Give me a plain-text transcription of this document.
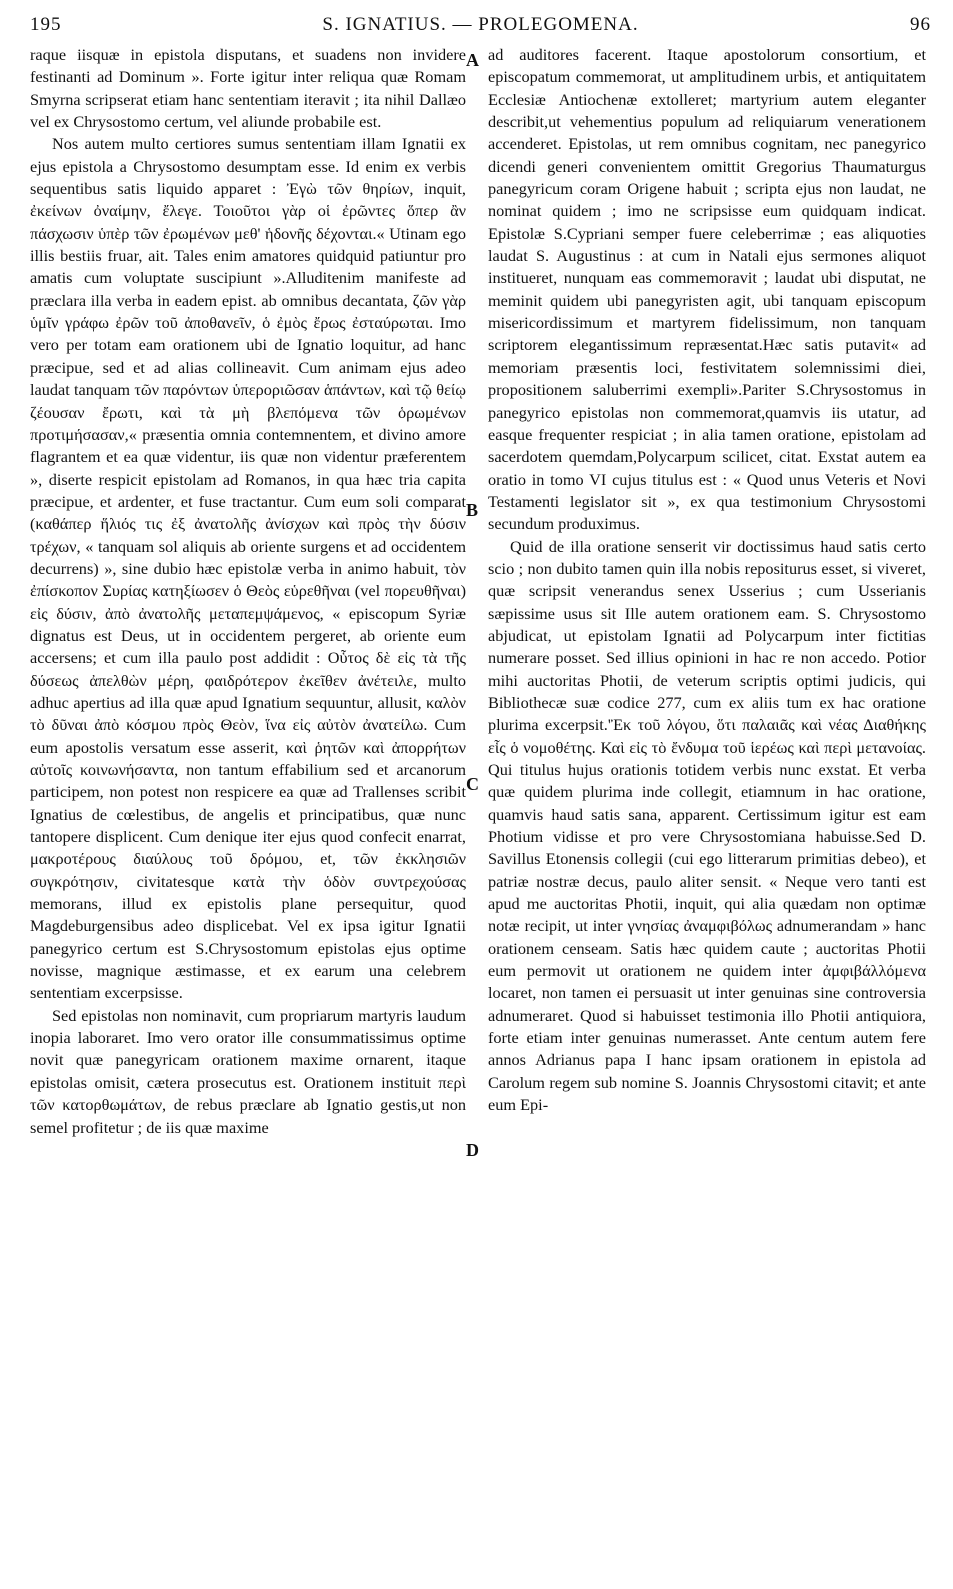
195	S. IGNATIUS. — PROLEGOMENA.	96

raque iisquæ in epistola disputans, et suadens non invidere festinanti ad Dominum ». Forte igitur inter reliqua quæ Romam Smyrna scripserat etiam hanc sententiam iteravit ; ita nihil Dallæo vel ex Chrysostomo certum, vel aliunde probabile est.

Nos autem multo certiores sumus sententiam illam Ignatii ex ejus epistola a Chrysostomo desumptam esse. Id enim ex verbis sequentibus satis liquido apparet : Ἐγὼ τῶν θηρίων, inquit, ἐκείνων ὀναίμην, ἔλεγε. Τοιοῦτοι γὰρ οἱ ἐρῶντες ὅπερ ἂν πάσχωσιν ὑπὲρ τῶν ἐρωμένων μεθ' ἡδονῆς δέχονται.« Utinam ego illis bestiis fruar, ait. Tales enim amatores quidquid patiuntur pro amatis cum voluptate suscipiunt ».Alluditenim manifeste ad præclara illa verba in eadem epist. ab omnibus decantata, ζῶν γὰρ ὑμῖν γράφω ἐρῶν τοῦ ἀποθανεῖν, ὁ ἐμὸς ἔρως ἐσταύρωται. Imo vero per totam eam orationem ubi de Ignatio loquitur, ad hanc præcipue, sed et ad alias collineavit. Cum animam ejus adeo laudat tanquam τῶν παρόντων ὑπεροριῶσαν ἁπάντων, καὶ τῷ θείῳ ζέουσαν ἔρωτι, καὶ τὰ μὴ βλεπόμενα τῶν ὁρωμένων προτιμήσασαν,« præsentia omnia contemnentem, et divino amore flagrantem et ea quæ videntur, iis quæ non videntur præferentem », diserte respicit epistolam ad Romanos, in qua hæc tria capita præcipue, et ardenter, et fuse tractantur. Cum eum soli comparat (καθάπερ ἥλιός τις ἐξ ἀνατολῆς ἀνίσχων καὶ πρὸς τὴν δύσιν τρέχων, « tanquam sol aliquis ab oriente surgens et ad occidentem decurrens) », sine dubio hæc epistolæ verba in animo habuit, τὸν ἐπίσκοπον Συρίας κατηξίωσεν ὁ Θεὸς εὑρεθῆναι (vel πορευθῆναι) εἰς δύσιν, ἀπὸ ἀνατολῆς μεταπεμψάμενος, « episcopum Syriæ dignatus est Deus, ut in occidentem pergeret, ab oriente eum accersens; et cum illa paulo post addidit : Οὗτος δὲ εἰς τὰ τῆς δύσεως ἀπελθὼν μέρη, φαιδρότερον ἐκεῖθεν ἀνέτειλε, multo adhuc apertius ad illa quæ apud Ignatium sequuntur, allusit, καλὸν τὸ δῦναι ἀπὸ κόσμου πρὸς Θεὸν, ἵνα εἰς αὐτὸν ἀνατείλω. Cum eum apostolis versatum esse asserit, καὶ ῥητῶν καὶ ἀπορρήτων αὐτοῖς κοινωνήσαντα, non tantum effabilium sed et arcanorum participem, non potest non respicere ea quæ ad Trallenses scribit Ignatius de cœlestibus, de angelis et principatibus, quæ nunc tantopere displicent. Cum denique iter ejus quod confecit enarrat, μακροτέρους διαύλους τοῦ δρόμου, et, τῶν ἐκκλησιῶν συγκρότησιν, civitatesque κατὰ τὴν ὁδὸν συντρεχούσας memorans, illud ex epistolis plane persequitur, quod Magdeburgensibus adeo displicebat. Vel ex ipsa igitur Ignatii panegyrico certum est S.Chrysostomum epistolas ejus optime novisse, magnique æstimasse, et ex earum una celebrem sententiam excerpsisse.

Sed epistolas non nominavit, cum propriarum martyris laudum inopia laboraret. Imo vero orator ille consummatissimus optime novit quæ panegyricam orationem maxime ornarent, itaque epistolas omisit, cætera prosecutus est. Orationem instituit περὶ τῶν κατορθωμάτων, de rebus præclare ab Ignatio gestis,ut non semel profitetur ; de iis quæ maxime

ad auditores facerent. Itaque apostolorum consortium, et episcopatum commemorat, ut amplitudinem urbis, et antiquitatem Ecclesiæ Antiochenæ extolleret; martyrium autem eleganter describit,ut vehementius populum ad reliquiarum venerationem accenderet. Epistolas, ut rem omnibus cognitam, nec panegyrico dicendi generi convenientem omittit Gregorius Thaumaturgus panegyricum coram Origene habuit ; scripta ejus non laudat, ne nominat quidem ; imo ne scripsisse eum quidquam indicat. Epistolæ S.Cypriani semper fuere celeberrimæ ; eas aliquoties laudat S. Augustinus : at cum in Natali ejus sermones aliquot institueret, nunquam eas commemoravit ; laudat ubi disputat, ne meminit quidem ubi panegyristen agit, ubi tanquam episcopum misericordissimum et martyrem fidelissimum, non tanquam scriptorem elegantissimum repræsentat.Hæc satis putavit« ad memoriam præsentis loci, festivitatem solemnissimi diei, propositionem saluberrimi exempli».Pariter S.Chrysostomus in panegyrico epistolas non commemorat,quamvis iis utatur, ad easque frequenter respiciat ; in alia tamen oratione, epistolam ad sacerdotem quemdam,Polycarpum scilicet, citat. Exstat autem ea oratio in tomo VI cujus titulus est : « Quod unus Veteris et Novi Testamenti legislator sit », ex qua testimonium Chrysostomi secundum produximus.

Quid de illa oratione senserit vir doctissimus haud satis certo scio ; non dubito tamen quin illa nobis repositurus esset, si viveret, quæ scripsit venerandus senex Usserius ; cum Usserianis sæpissime usus sit Ille autem orationem eam. S. Chrysostomo abjudicat, ut epistolam Ignatii ad Polycarpum inter fictitias numerare posset. Sed illius opinioni in hac re non accedo. Potior mihi auctoritas Photii, de veterum scriptis optimi judicis, qui Bibliothecæ suæ codice 277, cum ex aliis tum ex hac oratione plurima excerpsit.'Ἐκ τοῦ λόγου, ὅτι παλαιᾶς καὶ νέας Διαθήκης εἷς ὁ νομοθέτης. Καὶ εἰς τὸ ἔνδυμα τοῦ ἱερέως καὶ περὶ μετανοίας. Qui titulus hujus orationis totidem verbis nunc exstat. Et verba quæ quidem plurima inde collegit, etiamnum in hac oratione, quamvis haud satis sana, apparent. Certissimum igitur est eam Photium vidisse et pro vere Chrysostomiana habuisse.Sed D. Savillus Etonensis collegii (cui ego litterarum primitias debeo), et patriæ nostræ decus, paulo aliter sensit. « Neque vero tanti est apud me auctoritas Photii, inquit, qui alia quædam non optimæ notæ recipit, ut inter γνησίας ἀναμφιβόλως adnumerandam » hanc orationem censeam. Satis hæc quidem caute ; auctoritas Photii eum permovit ut orationem ne quidem inter ἀμφιβάλλόμενα locaret, non tamen ei persuasit ut inter genuinas sine controversia adnumeraret. Quod si habuisset testimonia illo Photii antiquiora, forte etiam inter genuinas numerasset. Ante centum autem fere annos Adrianus papa I hanc ipsam orationem in epistola ad Carolum regem sub nomine S. Joannis Chrysostomi citavit; et ante eum Epi-

A
B
C
D
